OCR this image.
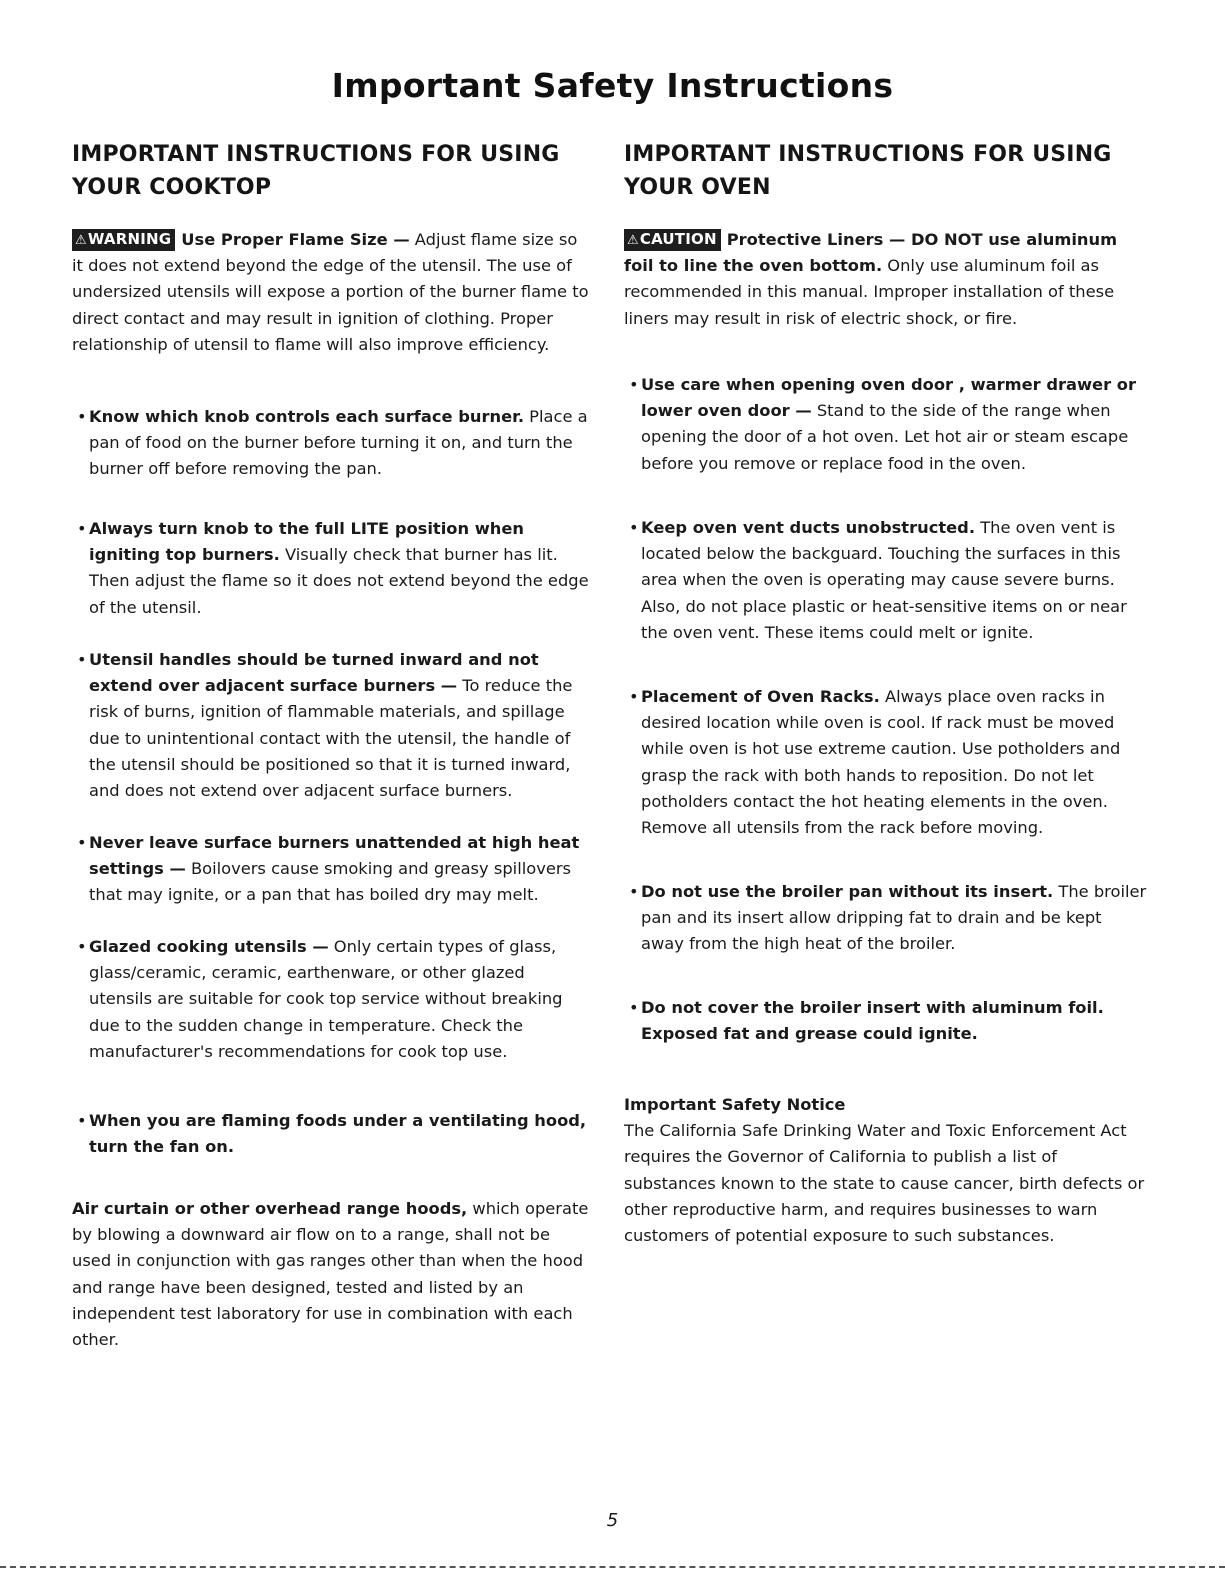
Important Safety Instructions
IMPORTANT INSTRUCTIONS FOR USING YOUR COOKTOP

⚠WARNING Use Proper Flame Size — Adjust flame size so it does not extend beyond the edge of the utensil. The use of undersized utensils will expose a portion of the burner flame to direct contact and may result in ignition of clothing. Proper relationship of utensil to flame will also improve efficiency.

• Know which knob controls each surface burner. Place a pan of food on the burner before turning it on, and turn the burner off before removing the pan.

• Always turn knob to the full LITE position when igniting top burners. Visually check that burner has lit. Then adjust the flame so it does not extend beyond the edge of the utensil.

• Utensil handles should be turned inward and not extend over adjacent surface burners — To reduce the risk of burns, ignition of flammable materials, and spillage due to unintentional contact with the utensil, the handle of the utensil should be positioned so that it is turned inward, and does not extend over adjacent surface burners.

• Never leave surface burners unattended at high heat settings — Boilovers cause smoking and greasy spillovers that may ignite, or a pan that has boiled dry may melt.

• Glazed cooking utensils — Only certain types of glass, glass/ceramic, ceramic, earthenware, or other glazed utensils are suitable for cook top service without breaking due to the sudden change in temperature. Check the manufacturer's recommendations for cook top use.

• When you are flaming foods under a ventilating hood, turn the fan on.

Air curtain or other overhead range hoods, which operate by blowing a downward air flow on to a range, shall not be used in conjunction with gas ranges other than when the hood and range have been designed, tested and listed by an independent test laboratory for use in combination with each other.

IMPORTANT INSTRUCTIONS FOR USING YOUR OVEN

⚠CAUTION Protective Liners — DO NOT use aluminum foil to line the oven bottom. Only use aluminum foil as recommended in this manual. Improper installation of these liners may result in risk of electric shock, or fire.

• Use care when opening oven door , warmer drawer or lower oven door — Stand to the side of the range when opening the door of a hot oven. Let hot air or steam escape before you remove or replace food in the oven.

• Keep oven vent ducts unobstructed. The oven vent is located below the backguard. Touching the surfaces in this area when the oven is operating may cause severe burns. Also, do not place plastic or heat-sensitive items on or near the oven vent. These items could melt or ignite.

• Placement of Oven Racks. Always place oven racks in desired location while oven is cool. If rack must be moved while oven is hot use extreme caution. Use potholders and grasp the rack with both hands to reposition. Do not let potholders contact the hot heating elements in the oven. Remove all utensils from the rack before moving.

• Do not use the broiler pan without its insert. The broiler pan and its insert allow dripping fat to drain and be kept away from the high heat of the broiler.

• Do not cover the broiler insert with aluminum foil. Exposed fat and grease could ignite.

Important Safety Notice

The California Safe Drinking Water and Toxic Enforcement Act requires the Governor of California to publish a list of substances known to the state to cause cancer, birth defects or other reproductive harm, and requires businesses to warn customers of potential exposure to such substances.

5
